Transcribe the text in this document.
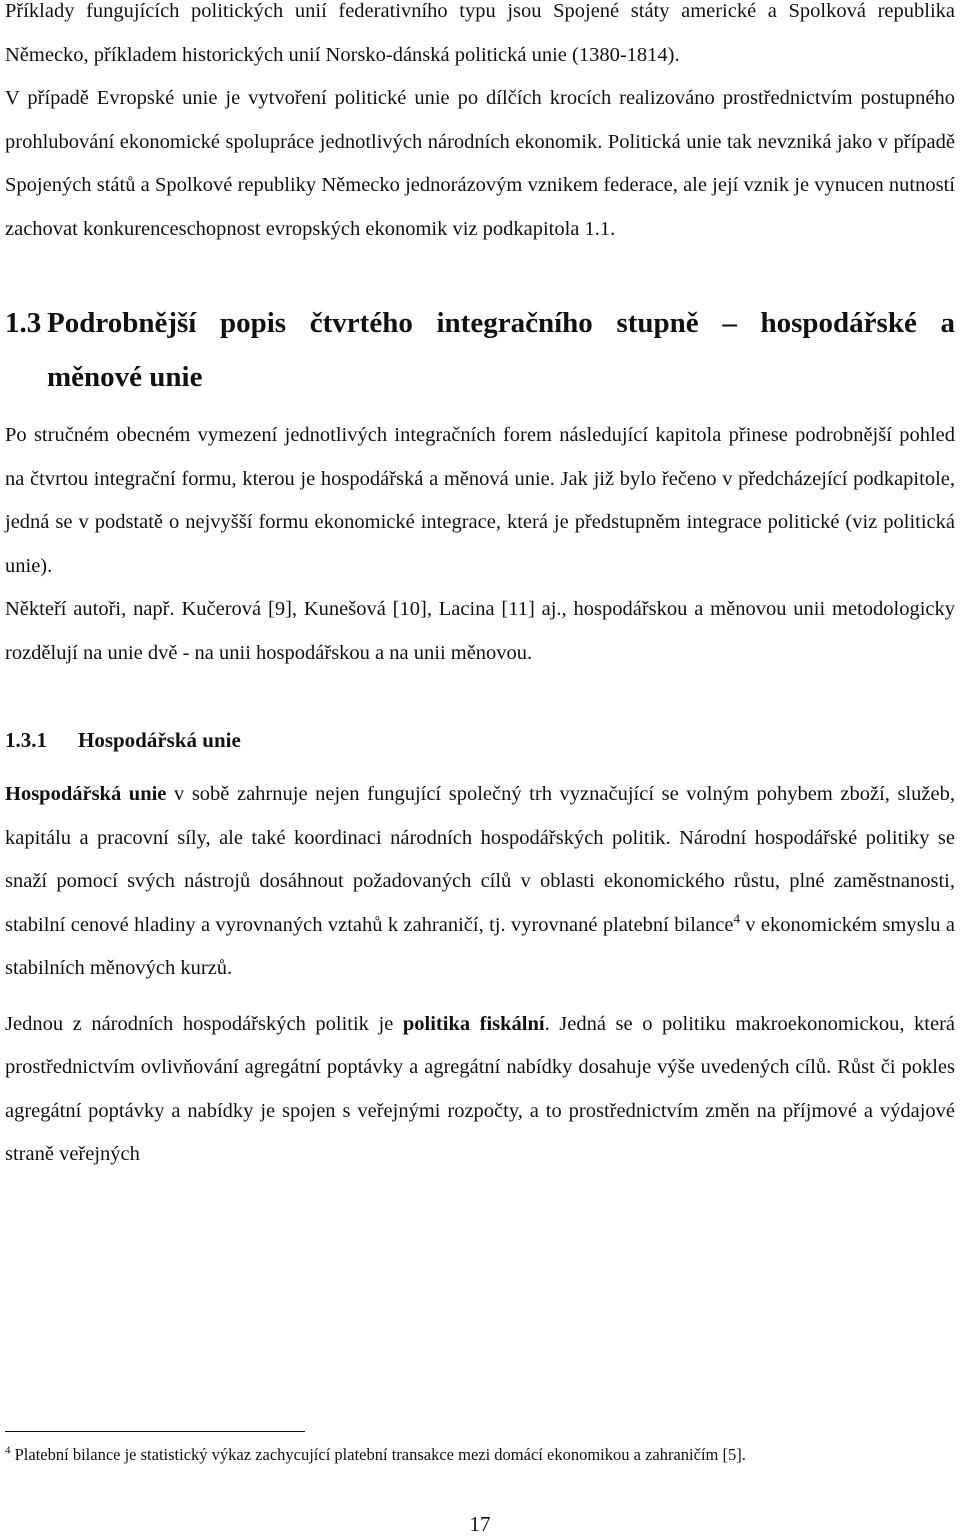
Příklady fungujících politických unií federativního typu jsou Spojené státy americké a Spolková republika Německo, příkladem historických unií Norsko-dánská politická unie (1380-1814).

V případě Evropské unie je vytvoření politické unie po dílčích krocích realizováno prostřednictvím postupného prohlubování ekonomické spolupráce jednotlivých národních ekonomik. Politická unie tak nevzniká jako v případě Spojených států a Spolkové republiky Německo jednorázovým vznikem federace, ale její vznik je vynucen nutností zachovat konkurenceschopnost evropských ekonomik viz podkapitola 1.1.

1.3 Podrobnější popis čtvrtého integračního stupně – hospodářské a
měnové unie

Po stručném obecném vymezení jednotlivých integračních forem následující kapitola přinese podrobnější pohled na čtvrtou integrační formu, kterou je hospodářská a měnová unie. Jak již bylo řečeno v předcházející podkapitole, jedná se v podstatě o nejvyšší formu ekonomické integrace, která je předstupněm integrace politické (viz politická unie).

Někteří autoři, např. Kučerová [9], Kunešová [10], Lacina [11] aj., hospodářskou a měnovou unii metodologicky rozdělují na unie dvě - na unii hospodářskou a na unii měnovou.

1.3.1 Hospodářská unie

Hospodářská unie v sobě zahrnuje nejen fungující společný trh vyznačující se volným pohybem zboží, služeb, kapitálu a pracovní síly, ale také koordinaci národních hospodářských politik. Národní hospodářské politiky se snaží pomocí svých nástrojů dosáhnout požadovaných cílů v oblasti ekonomického růstu, plné zaměstnanosti, stabilní cenové hladiny a vyrovnaných vztahů k zahraničí, tj. vyrovnané platební bilance$^4$ v ekonomickém smyslu a stabilních měnových kurzů.

Jednou z národních hospodářských politik je politika fiskální. Jedná se o politiku makroekonomickou, která prostřednictvím ovlivňování agregátní poptávky a agregátní nabídky dosahuje výše uvedených cílů. Růst či pokles agregátní poptávky a nabídky je spojen s veřejnými rozpočty, a to prostřednictvím změn na příjmové a výdajové straně veřejných

$^4$ Platební bilance je statistický výkaz zachycující platební transakce mezi domácí ekonomikou a zahraničím [5].
17
